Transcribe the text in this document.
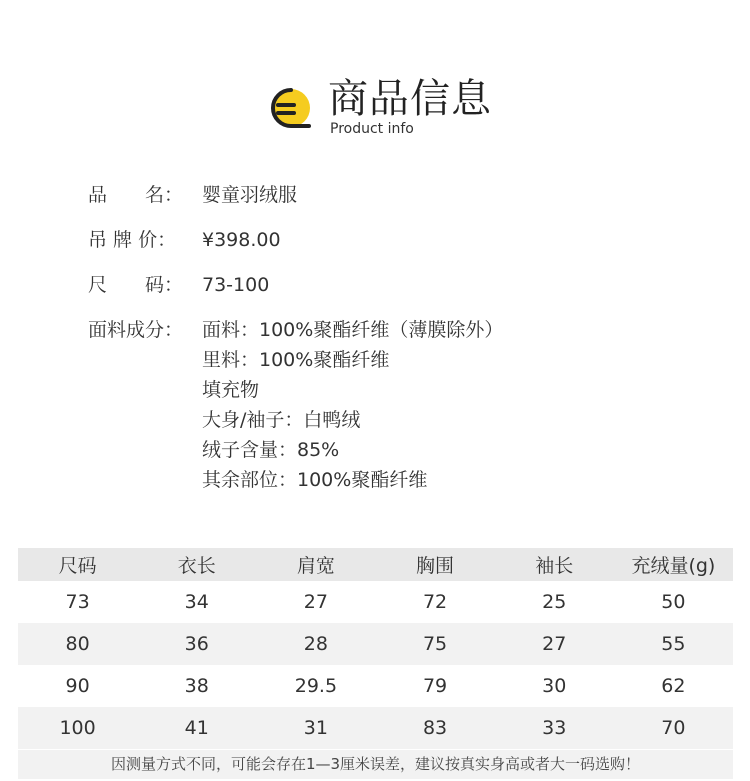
商品信息
Product info
品　　名： 婴童羽绒服
吊 牌 价： ¥398.00
尺　　码： 73-100
面料成分： 面料：100%聚酯纤维（薄膜除外）
里料：100%聚酯纤维
填充物
大身/袖子：白鸭绒
绒子含量：85%
其余部位：100%聚酯纤维
尺码	衣长	肩宽	胸围	袖长	充绒量(g)
73	34	27	72	25	50
80	36	28	75	27	55
90	38	29.5	79	30	62
100	41	31	83	33	70
因测量方式不同，可能会存在1—3厘米误差，建议按真实身高或者大一码选购！
